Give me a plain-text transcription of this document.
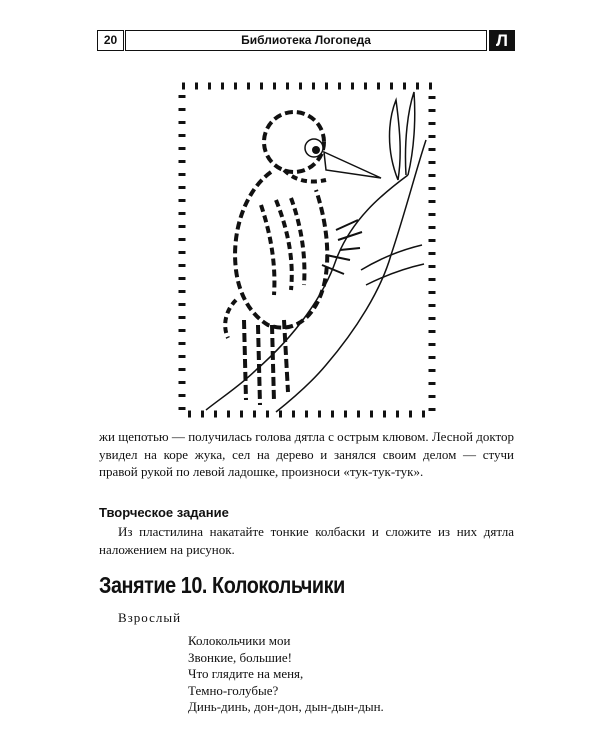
20	Библиотека Логопеда	Л

жи щепотью — получилась голова дятла с острым клювом. Лесной доктор увидел на коре жука, сел на дерево и занялся своим делом — стучи правой рукой по левой ладошке, произноси «тук-тук-тук».

Творческое задание

Из пластилина накатайте тонкие колбаски и сложите из них дятла наложением на рисунок.

Занятие 10. Колокольчики
Взрослый
Колокольчики мои
Звонкие, большие!
Что глядите на меня,
Темно-голубые?
Динь-динь, дон-дон, дын-дын-дын.
